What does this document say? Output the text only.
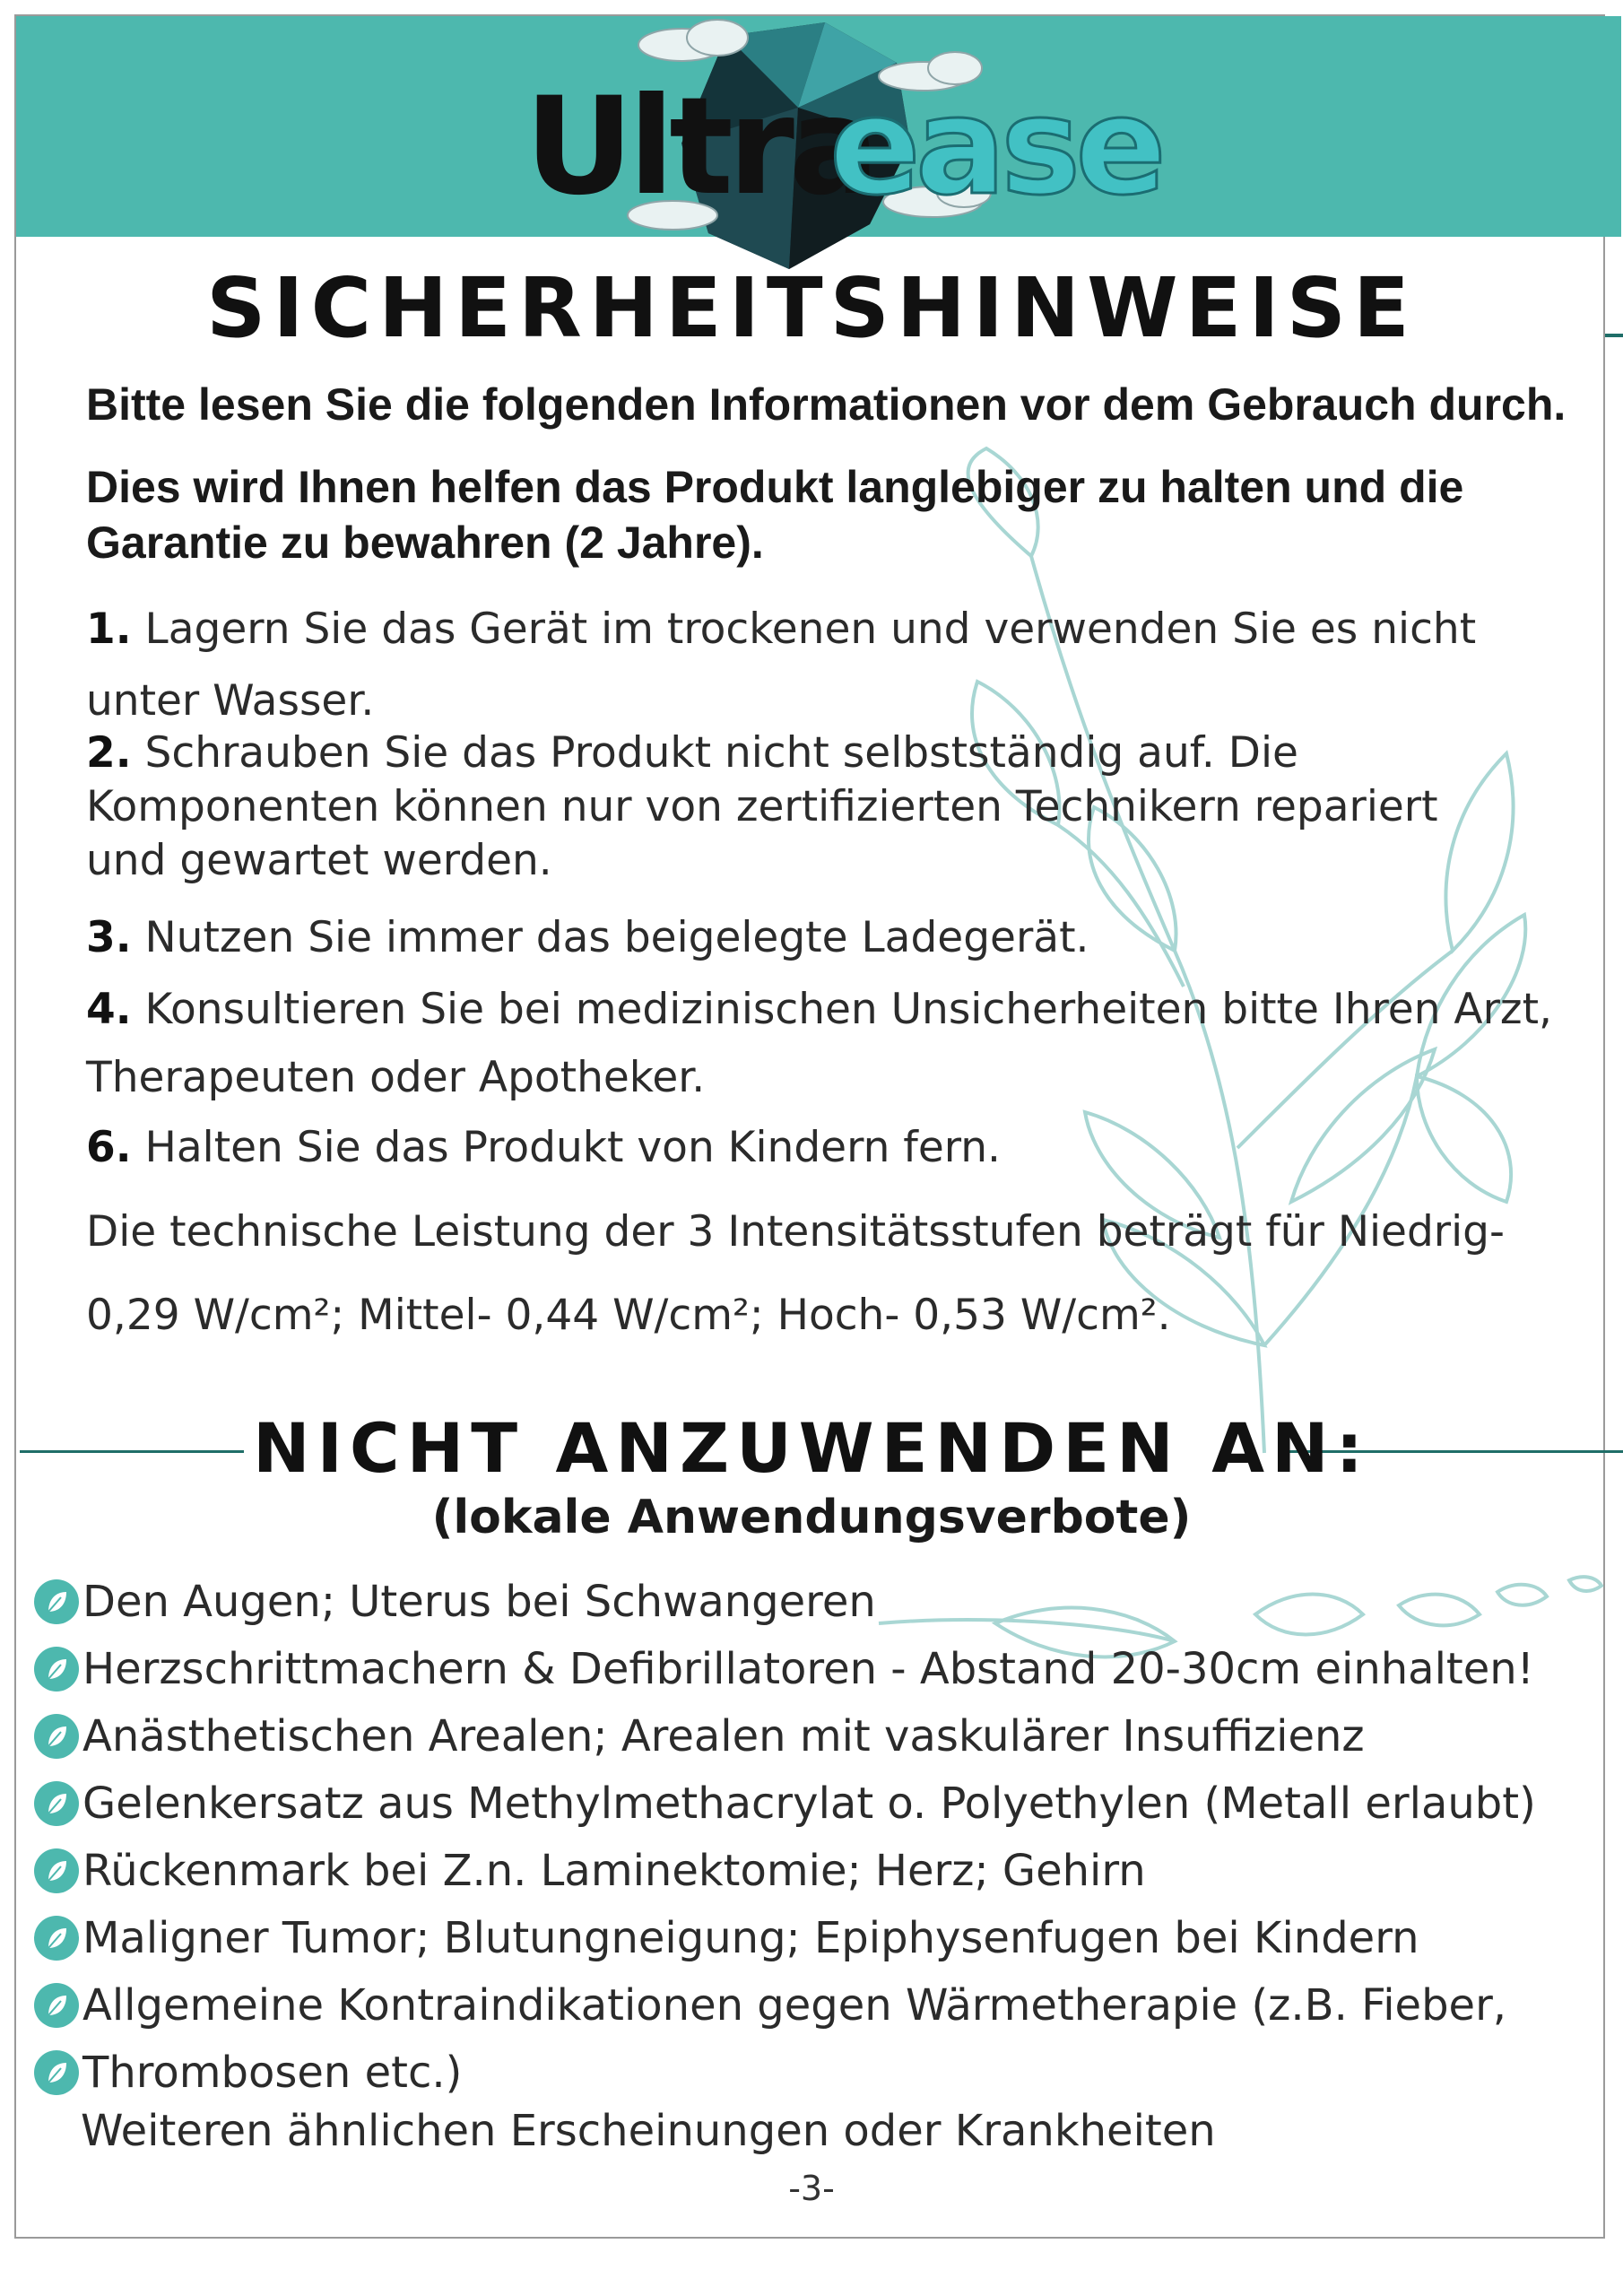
Ultra
ease
SICHERHEITSHINWEISE

Bitte lesen Sie die folgenden Informationen vor dem Gebrauch durch.

Dies wird Ihnen helfen das Produkt langlebiger zu halten und die Garantie zu bewahren (2 Jahre).

1. Lagern Sie das Gerät im trockenen und verwenden Sie es nicht unter Wasser.

2. Schrauben Sie das Produkt nicht selbstständig auf. Die Komponenten können nur von zertifizierten Technikern repariert und gewartet werden.

3. Nutzen Sie immer das beigelegte Ladegerät.

4. Konsultieren Sie bei medizinischen Unsicherheiten bitte Ihren Arzt, Therapeuten oder Apotheker.

6. Halten Sie das Produkt von Kindern fern.

Die technische Leistung der 3 Intensitätsstufen beträgt für Niedrig-

0,29 W/cm²; Mittel- 0,44 W/cm²; Hoch- 0,53 W/cm².

NICHT ANZUWENDEN AN:

(lokale Anwendungsverbote)

Den Augen; Uterus bei Schwangeren
Herzschrittmachern & Defibrillatoren - Abstand 20-30cm einhalten!
Anästhetischen Arealen; Arealen mit vaskulärer Insuffizienz
Gelenkersatz aus Methylmethacrylat o. Polyethylen (Metall erlaubt)
Rückenmark bei Z.n. Laminektomie; Herz; Gehirn
Maligner Tumor; Blutungneigung; Epiphysenfugen bei Kindern
Allgemeine Kontraindikationen gegen Wärmetherapie (z.B. Fieber,
Thrombosen etc.)

Weiteren ähnlichen Erscheinungen oder Krankheiten

-3-
